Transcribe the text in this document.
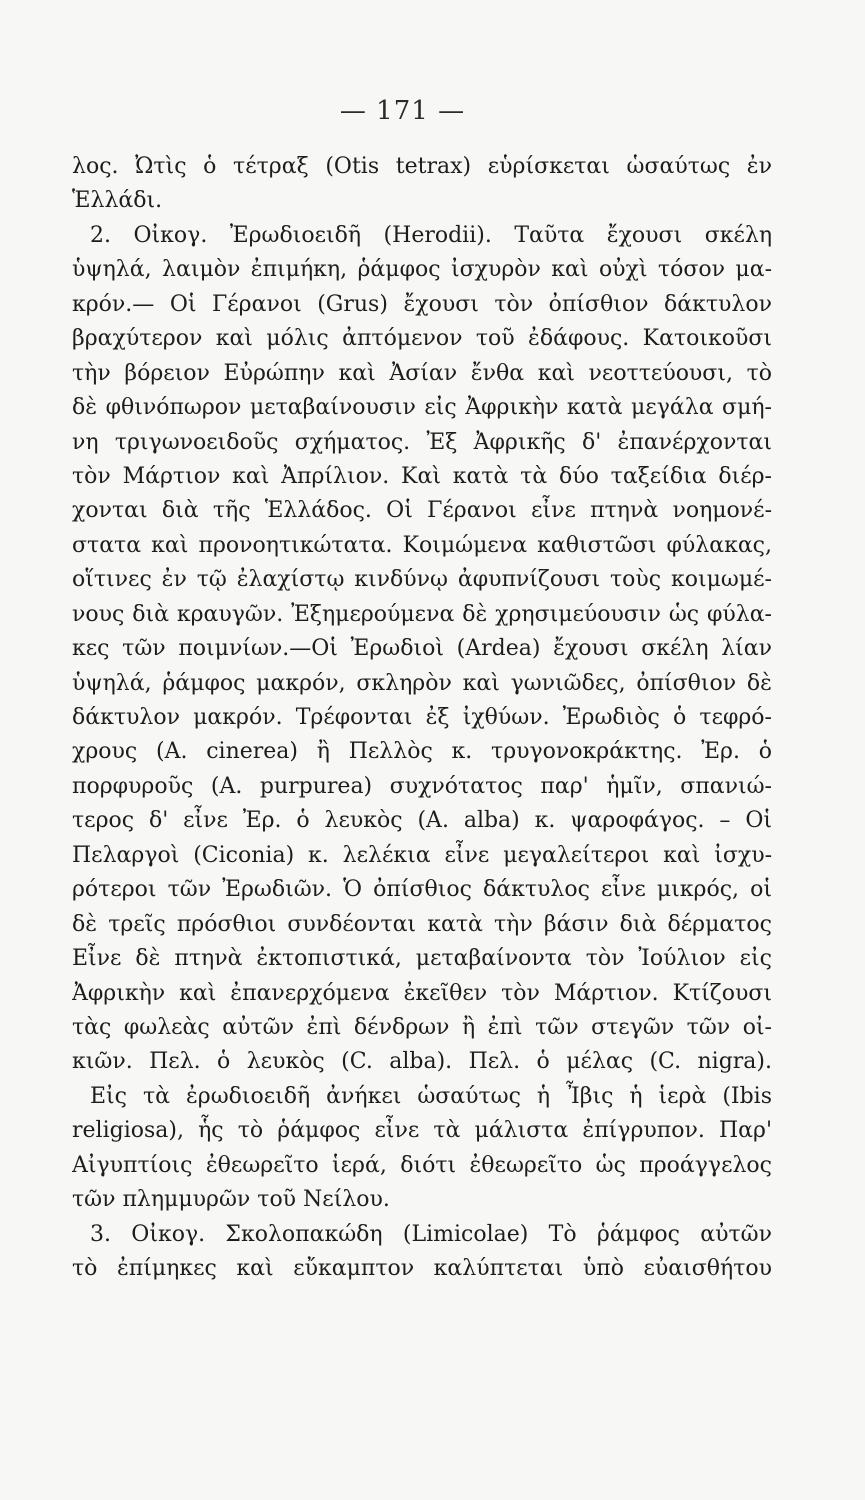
— 171 —
λος. Ὠτὶς ὁ τέτραξ (Otis tetrax) εὑρίσκεται ὡσαύτως ἐν
Ἑλλάδι.
2. Οἰκογ. Ἐρωδιοειδῆ (Herodii). Ταῦτα ἔχουσι σκέλη
ὑψηλά, λαιμὸν ἐπιμήκη, ῥάμφος ἰσχυρὸν καὶ οὐχὶ τόσον μα-
κρόν.— Οἱ Γέρανοι (Grus) ἔχουσι τὸν ὀπίσθιον δάκτυλον
βραχύτερον καὶ μόλις ἀπτόμενον τοῦ ἐδάφους. Κατοικοῦσι
τὴν βόρειον Εὐρώπην καὶ Ἀσίαν ἔνθα καὶ νεοττεύουσι, τὸ
δὲ φθινόπωρον μεταβαίνουσιν εἰς Ἀφρικὴν κατὰ μεγάλα σμή-
νη τριγωνοειδοῦς σχήματος. Ἐξ Ἀφρικῆς δ' ἐπανέρχονται
τὸν Μάρτιον καὶ Ἀπρίλιον. Καὶ κατὰ τὰ δύο ταξείδια διέρ-
χονται διὰ τῆς Ἑλλάδος. Οἱ Γέρανοι εἶνε πτηνὰ νοημονέ-
στατα καὶ προνοητικώτατα. Κοιμώμενα καθιστῶσι φύλακας,
οἵτινες ἐν τῷ ἐλαχίστῳ κινδύνῳ ἀφυπνίζουσι τοὺς κοιμωμέ-
νους διὰ κραυγῶν. Ἐξημερούμενα δὲ χρησιμεύουσιν ὡς φύλα-
κες τῶν ποιμνίων.—Οἱ Ἐρωδιοὶ (Ardea) ἔχουσι σκέλη λίαν
ὑψηλά, ῥάμφος μακρόν, σκληρὸν καὶ γωνιῶδες, ὀπίσθιον δὲ
δάκτυλον μακρόν. Τρέφονται ἐξ ἰχθύων. Ἐρωδιὸς ὁ τεφρό-
χρους (A. cinerea) ἢ Πελλὸς κ. τρυγονοκράκτης. Ἐρ. ὁ
πορφυροῦς (A. purpurea) συχνότατος παρ' ἡμῖν, σπανιώ-
τερος δ' εἶνε Ἐρ. ὁ λευκὸς (A. alba) κ. ψαροφάγος. – Οἱ
Πελαργοὶ (Ciconia) κ. λελέκια εἶνε μεγαλείτεροι καὶ ἰσχυ-
ρότεροι τῶν Ἐρωδιῶν. Ὁ ὀπίσθιος δάκτυλος εἶνε μικρός, οἱ
δὲ τρεῖς πρόσθιοι συνδέονται κατὰ τὴν βάσιν διὰ δέρματος
Εἶνε δὲ πτηνὰ ἐκτοπιστικά, μεταβαίνοντα τὸν Ἰούλιον εἰς
Ἀφρικὴν καὶ ἐπανερχόμενα ἐκεῖθεν τὸν Μάρτιον. Κτίζουσι
τὰς φωλεὰς αὐτῶν ἐπὶ δένδρων ἢ ἐπὶ τῶν στεγῶν τῶν οἰ-
κιῶν. Πελ. ὁ λευκὸς (C. alba). Πελ. ὁ μέλας (C. nigra).
Εἰς τὰ ἐρωδιοειδῆ ἀνήκει ὡσαύτως ἡ Ἶβις ἡ ἱερὰ (Ibis
religiosa), ἧς τὸ ῥάμφος εἶνε τὰ μάλιστα ἐπίγρυπον. Παρ'
Αἰγυπτίοις ἐθεωρεῖτο ἱερά, διότι ἐθεωρεῖτο ὡς προάγγελος
τῶν πλημμυρῶν τοῦ Νείλου.
3. Οἰκογ. Σκολοπακώδη (Limicolae) Τὸ ῥάμφος αὐτῶν
τὸ ἐπίμηκες καὶ εὔκαμπτον καλύπτεται ὑπὸ εὐαισθήτου
